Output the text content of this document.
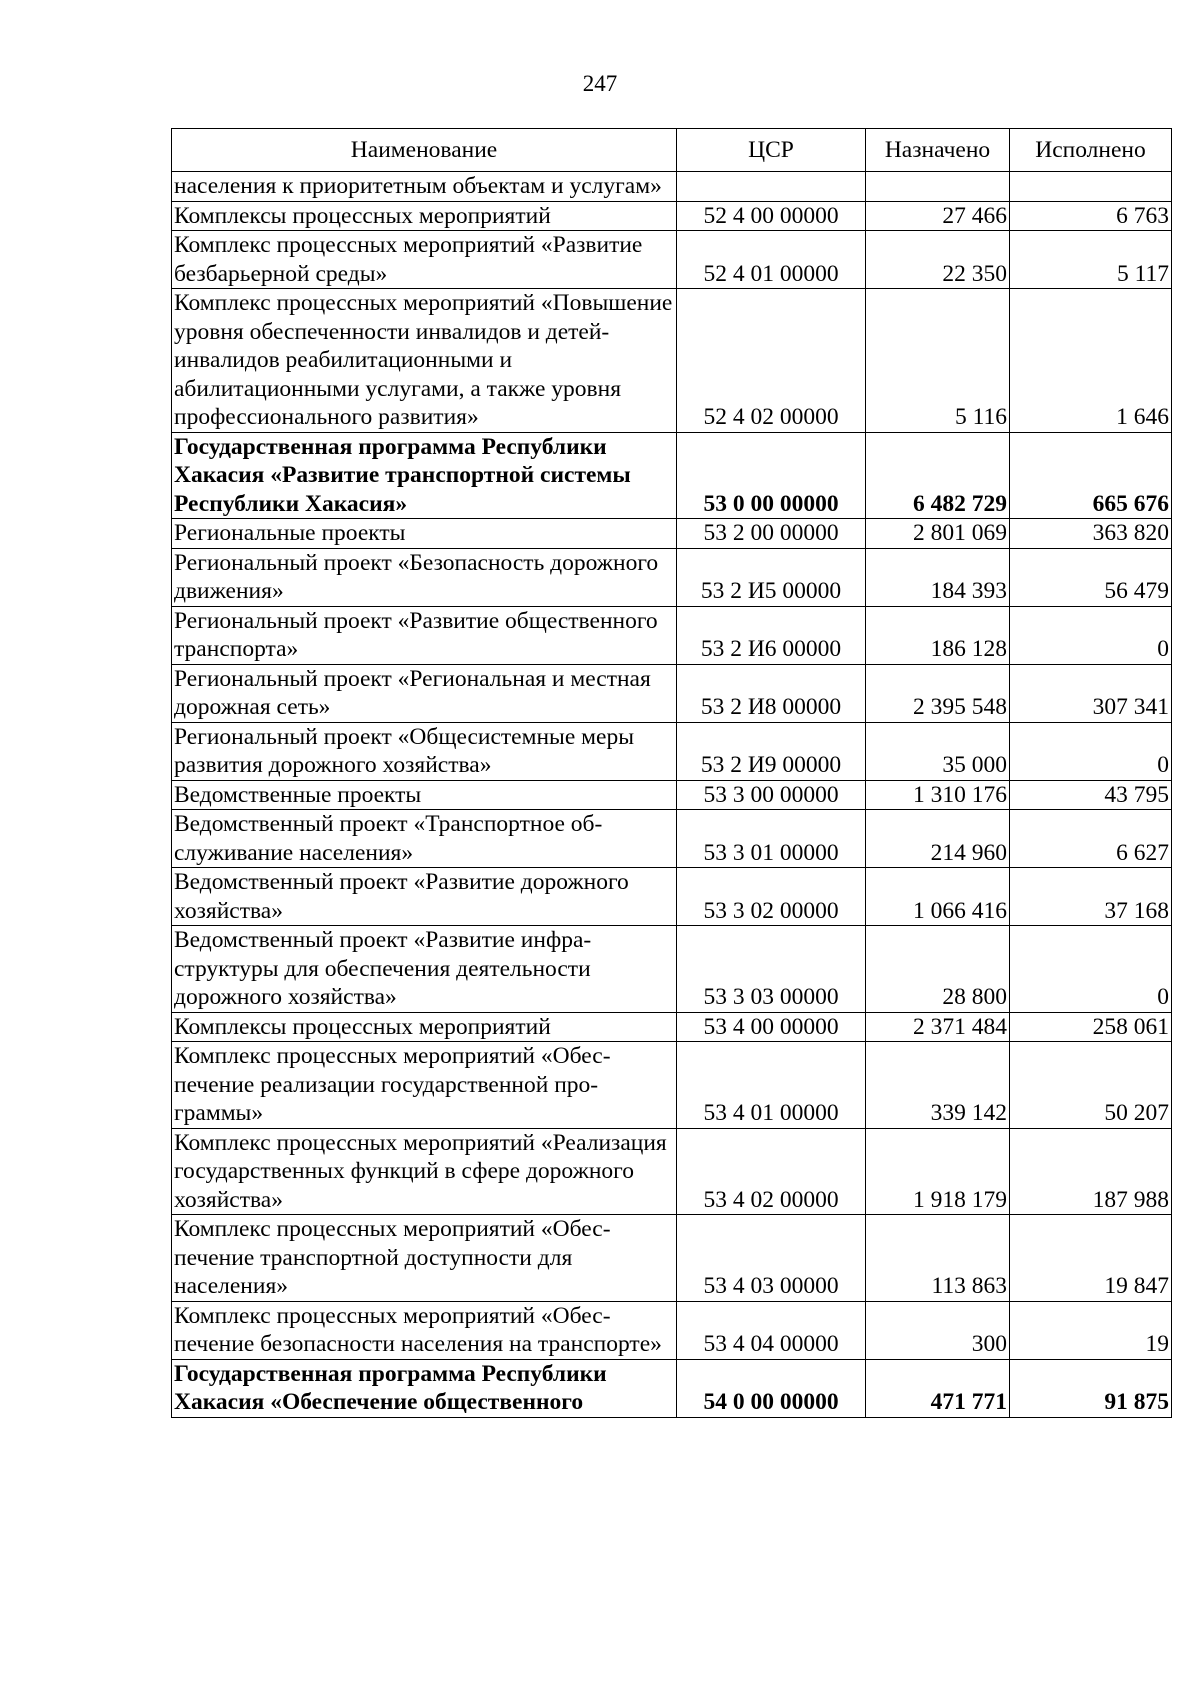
247
Наименование	ЦСР	Назначено	Исполнено
населения к приоритетным объектам и услугам»			
Комплексы процессных мероприятий	52 4 00 00000	27 466	6 763
Комплекс процессных мероприятий «Развитие безбарьерной среды»	52 4 01 00000	22 350	5 117
Комплекс процессных мероприятий «Повышение уровня обеспеченности инвалидов и детей-инвалидов реабилитационными и абилитационными услугами, а также уровня профессионального развития»	52 4 02 00000	5 116	1 646
Государственная программа Республики Хакасия «Развитие транспортной системы Республики Хакасия»	53 0 00 00000	6 482 729	665 676
Региональные проекты	53 2 00 00000	2 801 069	363 820
Региональный проект «Безопасность дорожного движения»	53 2 И5 00000	184 393	56 479
Региональный проект «Развитие общественного транспорта»	53 2 И6 00000	186 128	0
Региональный проект «Региональная и местная дорожная сеть»	53 2 И8 00000	2 395 548	307 341
Региональный проект «Общесистемные меры развития дорожного хозяйства»	53 2 И9 00000	35 000	0
Ведомственные проекты	53 3 00 00000	1 310 176	43 795
Ведомственный проект «Транспортное обслуживание населения»	53 3 01 00000	214 960	6 627
Ведомственный проект «Развитие дорожного хозяйства»	53 3 02 00000	1 066 416	37 168
Ведомственный проект «Развитие инфраструктуры для обеспечения деятельности дорожного хозяйства»	53 3 03 00000	28 800	0
Комплексы процессных мероприятий	53 4 00 00000	2 371 484	258 061
Комплекс процессных мероприятий «Обеспечение реализации государственной программы»	53 4 01 00000	339 142	50 207
Комплекс процессных мероприятий «Реализация государственных функций в сфере дорожного хозяйства»	53 4 02 00000	1 918 179	187 988
Комплекс процессных мероприятий «Обеспечение транспортной доступности для населения»	53 4 03 00000	113 863	19 847
Комплекс процессных мероприятий «Обеспечение безопасности населения на транспорте»	53 4 04 00000	300	19
Государственная программа Республики Хакасия «Обеспечение общественного	54 0 00 00000	471 771	91 875
